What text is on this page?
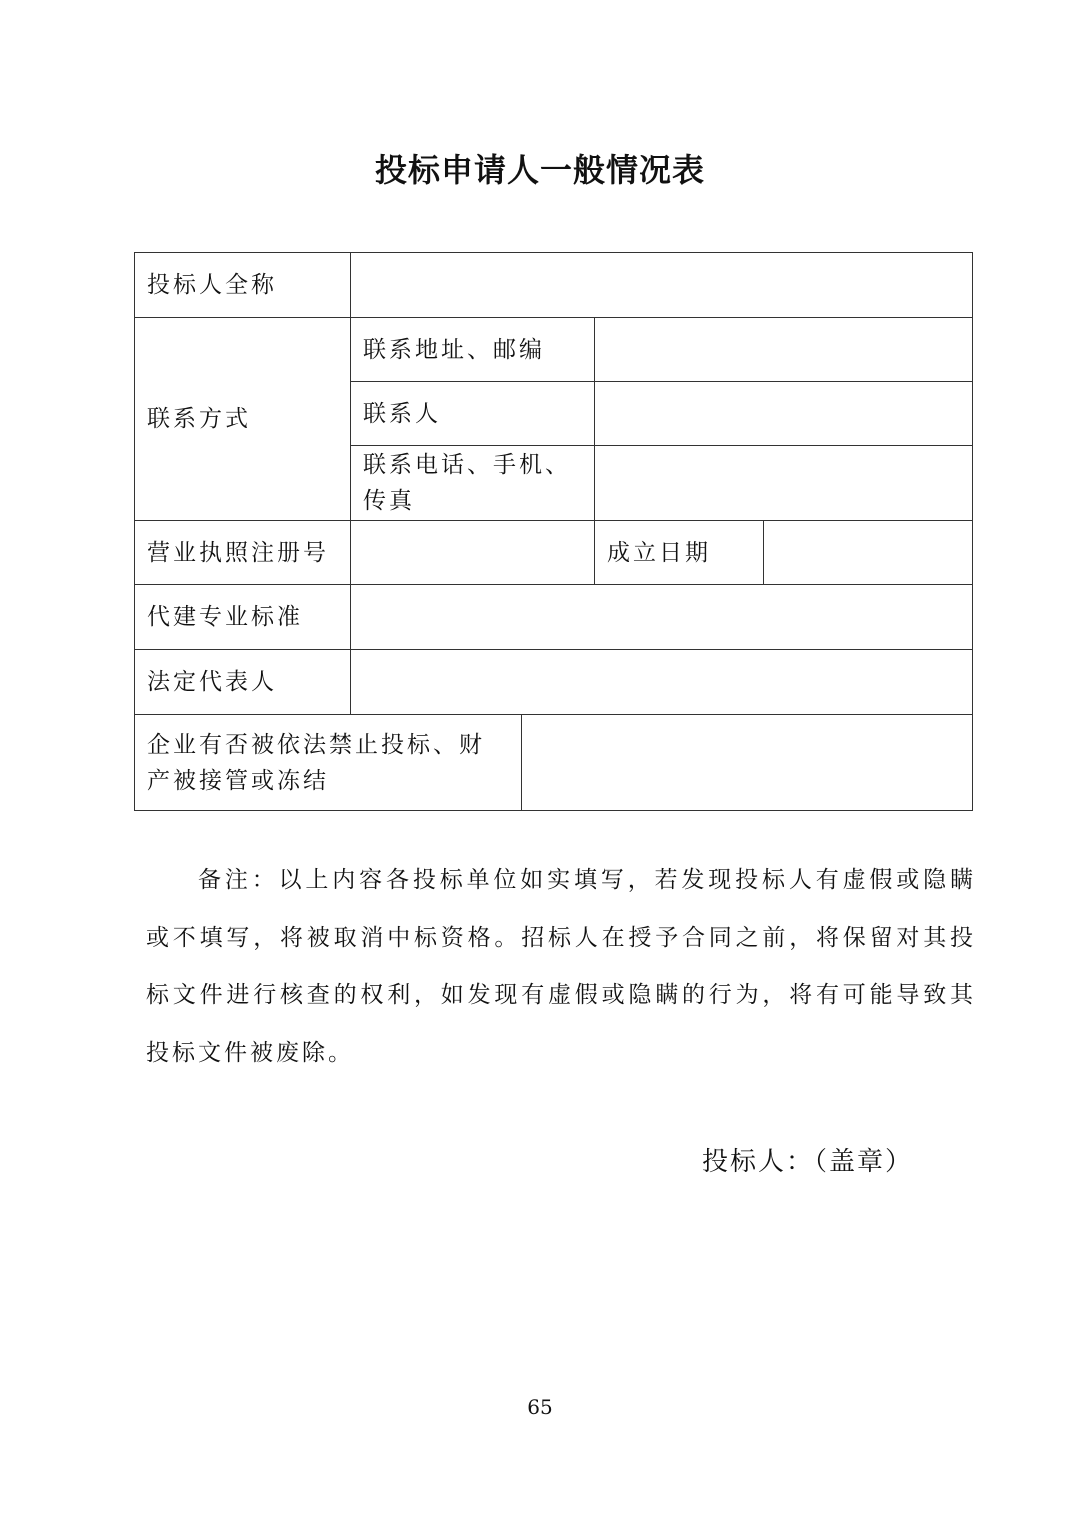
投标申请人一般情况表
投标人全称				
联系方式	联系地址、邮编			
	联系人			
	联系电话、手机、传真			
营业执照注册号			成立日期	
代建专业标准				
法定代表人				
企业有否被依法禁止投标、财产被接管或冻结				
备注：以上内容各投标单位如实填写，若发现投标人有虚假或隐瞒或不填写，将被取消中标资格。招标人在授予合同之前，将保留对其投标文件进行核查的权利，如发现有虚假或隐瞒的行为，将有可能导致其投标文件被废除。
投标人：（盖章）
65
